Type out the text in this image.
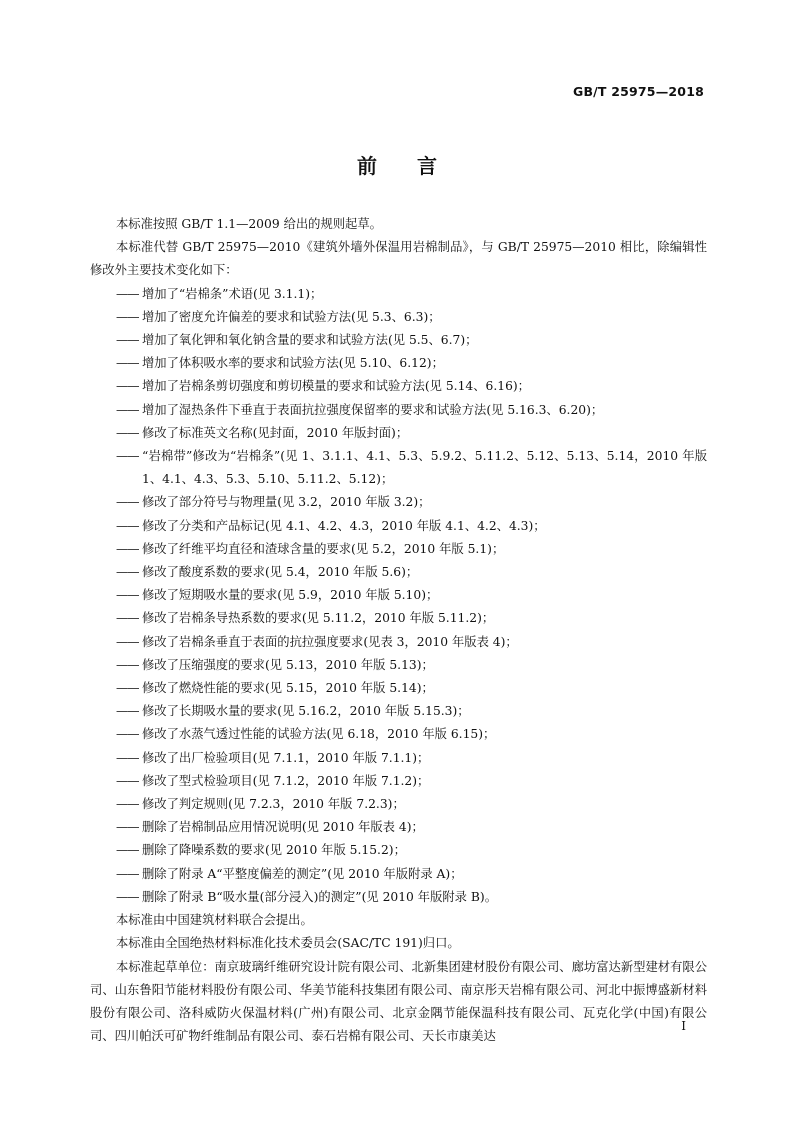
GB/T 25975—2018
前　　言

本标准按照 GB/T 1.1—2009 给出的规则起草。

本标准代替 GB/T 25975—2010《建筑外墙外保温用岩棉制品》，与 GB/T 25975—2010 相比，除编辑性修改外主要技术变化如下：

—— 增加了“岩棉条”术语(见 3.1.1)；
—— 增加了密度允许偏差的要求和试验方法(见 5.3、6.3)；
—— 增加了氧化钾和氧化钠含量的要求和试验方法(见 5.5、6.7)；
—— 增加了体积吸水率的要求和试验方法(见 5.10、6.12)；
—— 增加了岩棉条剪切强度和剪切模量的要求和试验方法(见 5.14、6.16)；
—— 增加了湿热条件下垂直于表面抗拉强度保留率的要求和试验方法(见 5.16.3、6.20)；
—— 修改了标准英文名称(见封面，2010 年版封面)；
—— “岩棉带”修改为“岩棉条”(见 1、3.1.1、4.1、5.3、5.9.2、5.11.2、5.12、5.13、5.14，2010 年版 1、4.1、4.3、5.3、5.10、5.11.2、5.12)；
—— 修改了部分符号与物理量(见 3.2，2010 年版 3.2)；
—— 修改了分类和产品标记(见 4.1、4.2、4.3，2010 年版 4.1、4.2、4.3)；
—— 修改了纤维平均直径和渣球含量的要求(见 5.2，2010 年版 5.1)；
—— 修改了酸度系数的要求(见 5.4，2010 年版 5.6)；
—— 修改了短期吸水量的要求(见 5.9，2010 年版 5.10)；
—— 修改了岩棉条导热系数的要求(见 5.11.2，2010 年版 5.11.2)；
—— 修改了岩棉条垂直于表面的抗拉强度要求(见表 3，2010 年版表 4)；
—— 修改了压缩强度的要求(见 5.13，2010 年版 5.13)；
—— 修改了燃烧性能的要求(见 5.15，2010 年版 5.14)；
—— 修改了长期吸水量的要求(见 5.16.2，2010 年版 5.15.3)；
—— 修改了水蒸气透过性能的试验方法(见 6.18，2010 年版 6.15)；
—— 修改了出厂检验项目(见 7.1.1，2010 年版 7.1.1)；
—— 修改了型式检验项目(见 7.1.2，2010 年版 7.1.2)；
—— 修改了判定规则(见 7.2.3，2010 年版 7.2.3)；
—— 删除了岩棉制品应用情况说明(见 2010 年版表 4)；
—— 删除了降噪系数的要求(见 2010 年版 5.15.2)；
—— 删除了附录 A“平整度偏差的测定”(见 2010 年版附录 A)；
—— 删除了附录 B“吸水量(部分浸入)的测定”(见 2010 年版附录 B)。

本标准由中国建筑材料联合会提出。

本标准由全国绝热材料标准化技术委员会(SAC/TC 191)归口。

本标准起草单位：南京玻璃纤维研究设计院有限公司、北新集团建材股份有限公司、廊坊富达新型建材有限公司、山东鲁阳节能材料股份有限公司、华美节能科技集团有限公司、南京彤天岩棉有限公司、河北中振博盛新材料股份有限公司、洛科威防火保温材料(广州)有限公司、北京金隅节能保温科技有限公司、瓦克化学(中国)有限公司、四川帕沃可矿物纤维制品有限公司、泰石岩棉有限公司、天长市康美达

I
